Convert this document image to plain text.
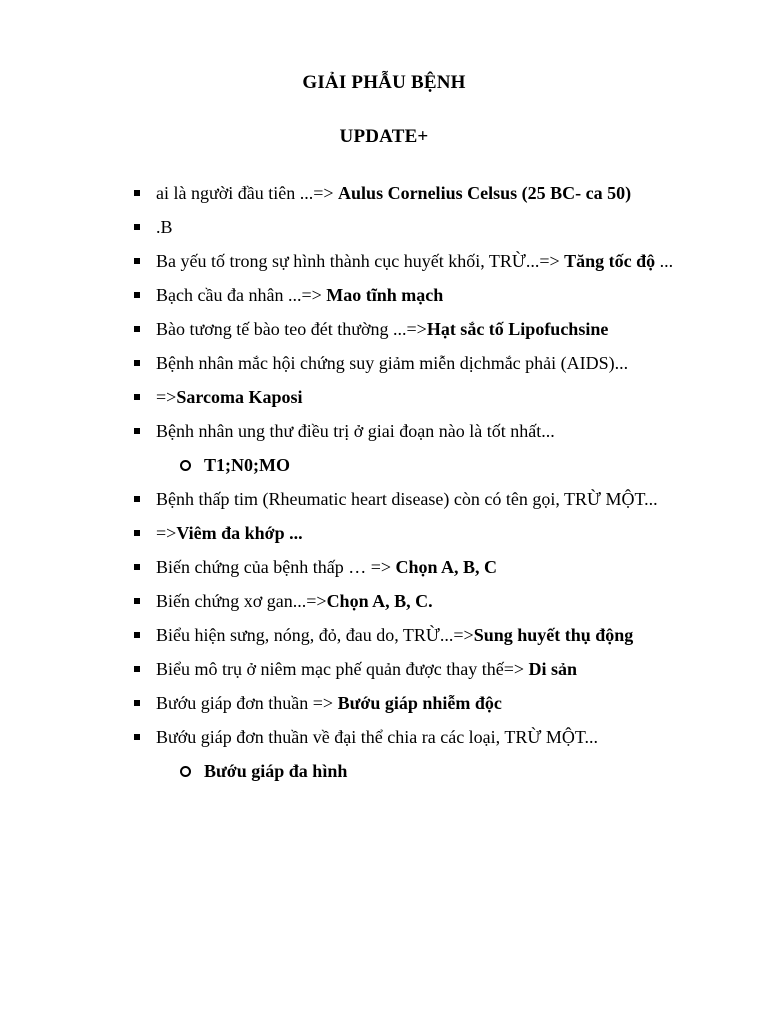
GIẢI PHẪU BỆNH
UPDATE+
ai là người đầu tiên ...=> Aulus Cornelius Celsus (25 BC- ca 50)
.B
Ba yếu tố trong sự hình thành cục huyết khối, TRỪ...=> Tăng tốc độ ...
Bạch cầu đa nhân ...=> Mao tĩnh mạch
Bào tương tế bào teo đét thường ...=>Hạt sắc tố Lipofuchsine
Bệnh nhân mắc hội chứng suy giảm miễn dịchmắc phải (AIDS)...
=>Sarcoma Kaposi
Bệnh nhân ung thư điều trị ở giai đoạn nào là tốt nhất...
T1;N0;MO
Bệnh thấp tim (Rheumatic heart disease) còn có tên gọi, TRỪ MỘT...
=>Viêm đa khớp ...
Biến chứng của bệnh thấp … => Chọn A, B, C
Biến chứng xơ gan...=>Chọn A, B, C.
Biểu hiện sưng, nóng, đỏ, đau do, TRỪ...=>Sung huyết thụ động
Biểu mô trụ ở niêm mạc phế quản được thay thế=> Di sản
Bướu giáp đơn thuần => Bướu giáp nhiễm độc
Bướu giáp đơn thuần về đại thể chia ra các loại, TRỪ MỘT...
Bướu giáp đa hình
